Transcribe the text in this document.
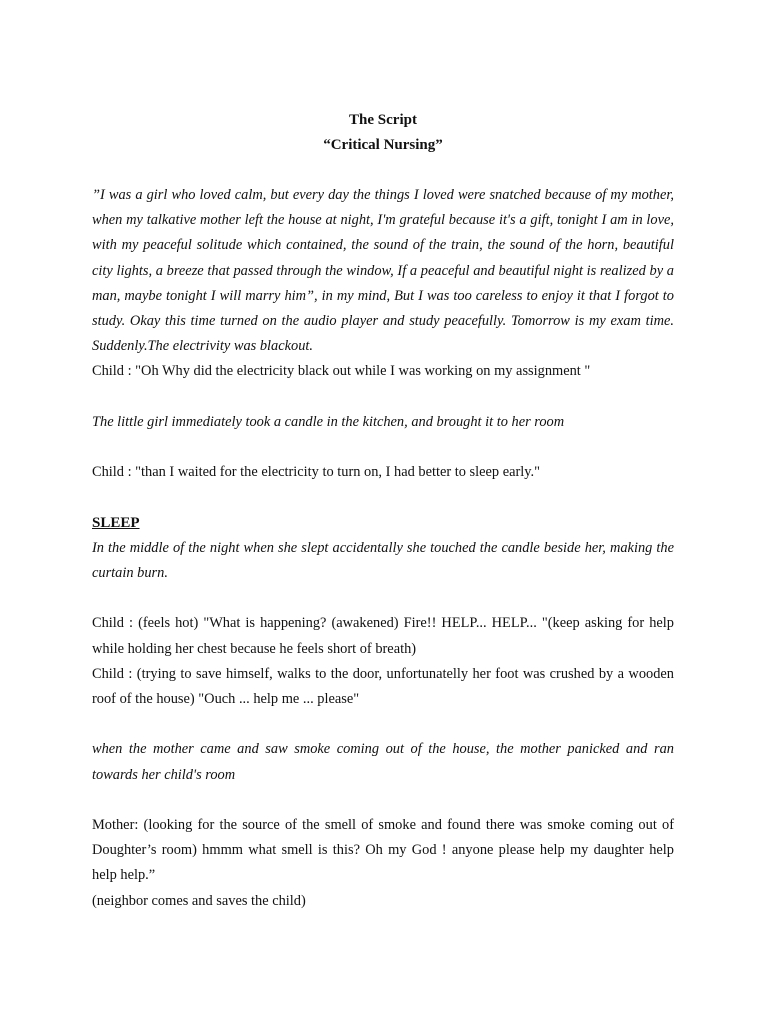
The Script

“Critical Nursing”

”I was a girl who loved calm, but every day the things I loved were snatched because of my mother, when my talkative mother left the house at night, I'm grateful because it's a gift, tonight I am in love, with my peaceful solitude which contained, the sound of the train, the sound of the horn, beautiful city lights, a breeze that passed through the window, If a peaceful and beautiful night is realized by a man, maybe tonight I will marry him”, in my mind, But I was too careless to enjoy it that I forgot to study. Okay this time turned on the audio player and study peacefully. Tomorrow is my exam time. Suddenly.The electrivity was blackout.

Child : "Oh Why did the electricity black out while I was working on my assignment "

The little girl immediately took a candle in the kitchen, and brought it to her room

Child : "than I waited for the electricity to turn on, I had better to sleep early."

SLEEP

In the middle of the night when she slept accidentally she touched the candle beside her, making the curtain burn.

Child : (feels hot) "What is happening? (awakened) Fire!! HELP... HELP... "(keep asking for help while holding her chest because he feels short of breath)

Child : (trying to save himself, walks to the door, unfortunatelly her foot was crushed by a wooden roof of the house) "Ouch ... help me ... please"

when the mother came and saw smoke coming out of the house, the mother panicked and ran towards her child's room

Mother: (looking for the source of the smell of smoke and found there was smoke coming out of Doughter’s room) hmmm what smell is this? Oh my God ! anyone please help my daughter help help help.”

(neighbor comes and saves the child)
